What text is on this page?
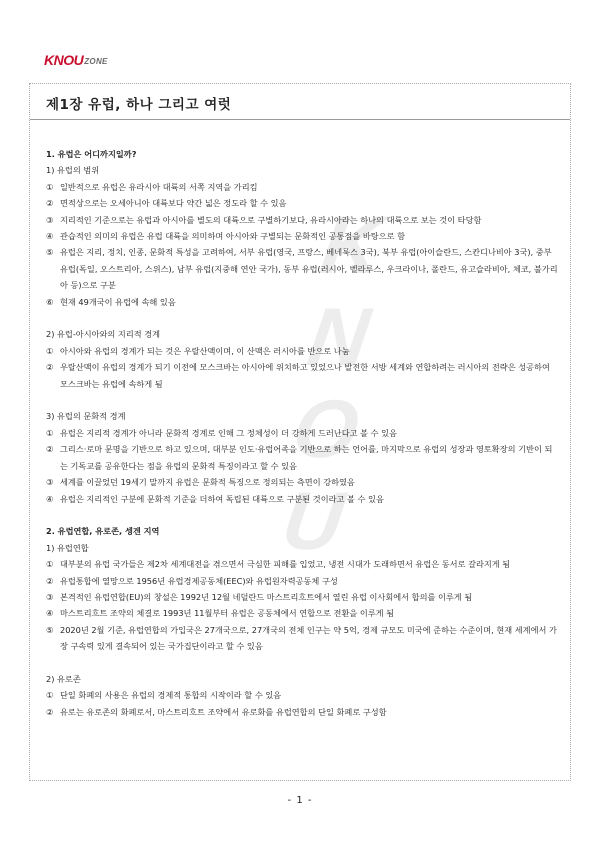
KNOU ZONE
K
N
O
U
제1장 유럽, 하나 그리고 여럿
1. 유럽은 어디까지일까?
1) 유럽의 범위
① 일반적으로 유럽은 유라시아 대륙의 서쪽 지역을 가리킴
② 면적상으로는 오세아니아 대륙보다 약간 넓은 정도라 할 수 있음
③ 지리적인 기준으로는 유럽과 아시아를 별도의 대륙으로 구별하기보다, 유라시아라는 하나의 대륙으로 보는 것이 타당함
④ 관습적인 의미의 유럽은 유럽 대륙을 의미하며 아시아와 구별되는 문화적인 공통점을 바탕으로 함
⑤ 유럽은 지리, 정치, 인종, 문화적 특성을 고려하여, 서부 유럽(영국, 프랑스, 베네룩스 3국), 북부 유럽(아이슬란드, 스칸디나비아 3국), 중부유럽(독일, 오스트리아, 스위스), 남부 유럽(지중해 연안 국가), 동부 유럽(러시아, 벨라루스, 우크라이나, 폴란드, 유고슬라비아, 체코, 불가리아 등)으로 구분
⑥ 현재 49개국이 유럽에 속해 있음
2) 유럽-아시아와의 지리적 경계
① 아시아와 유럽의 경계가 되는 것은 우랄산맥이며, 이 산맥은 러시아를 반으로 나눔
② 우랄산맥이 유럽의 경계가 되기 이전에 모스크바는 아시아에 위치하고 있었으나 발전한 서방 세계와 연합하려는 러시아의 전략은 성공하여 모스크바는 유럽에 속하게 됨
3) 유럽의 문화적 경계
① 유럽은 지리적 경계가 아니라 문화적 경계로 인해 그 정체성이 더 강하게 드러난다고 볼 수 있음
② 그리스·로마 문명을 기반으로 하고 있으며, 대부분 인도·유럽어족을 기반으로 하는 언어를, 마지막으로 유럽의 성장과 영토확장의 기반이 되는 기독교를 공유한다는 점을 유럽의 문화적 특징이라고 할 수 있음
③ 세계를 이끌었던 19세기 말까지 유럽은 문화적 특징으로 정의되는 측면이 강하였음
④ 유럽은 지리적인 구분에 문화적 기준을 더하여 독립된 대륙으로 구분된 것이라고 볼 수 있음
2. 유럽연합, 유로존, 셍겐 지역
1) 유럽연합
① 대부분의 유럽 국가들은 제2차 세계대전을 겪으면서 극심한 피해를 입었고, 냉전 시대가 도래하면서 유럽은 동서로 갈라지게 됨
② 유럽통합에 열망으로 1956년 유럽경제공동체(EEC)와 유럽원자력공동체 구성
③ 본격적인 유럽연합(EU)의 창설은 1992년 12월 네덜란드 마스트리흐트에서 열린 유럽 이사회에서 합의를 이루게 됨
④ 마스트리흐트 조약의 체결로 1993년 11월부터 유럽은 공동체에서 연합으로 전환을 이루게 됨
⑤ 2020년 2월 기준, 유럽연합의 가입국은 27개국으로, 27개국의 전체 인구는 약 5억, 경제 규모도 미국에 준하는 수준이며, 현재 세계에서 가장 구속력 있게 결속되어 있는 국가집단이라고 할 수 있음
2) 유로존
① 단일 화폐의 사용은 유럽의 경제적 통합의 시작이라 할 수 있음
② 유로는 유로존의 화폐로서, 마스트리흐트 조약에서 유로화를 유럽연합의 단일 화폐로 구성함
- 1 -
